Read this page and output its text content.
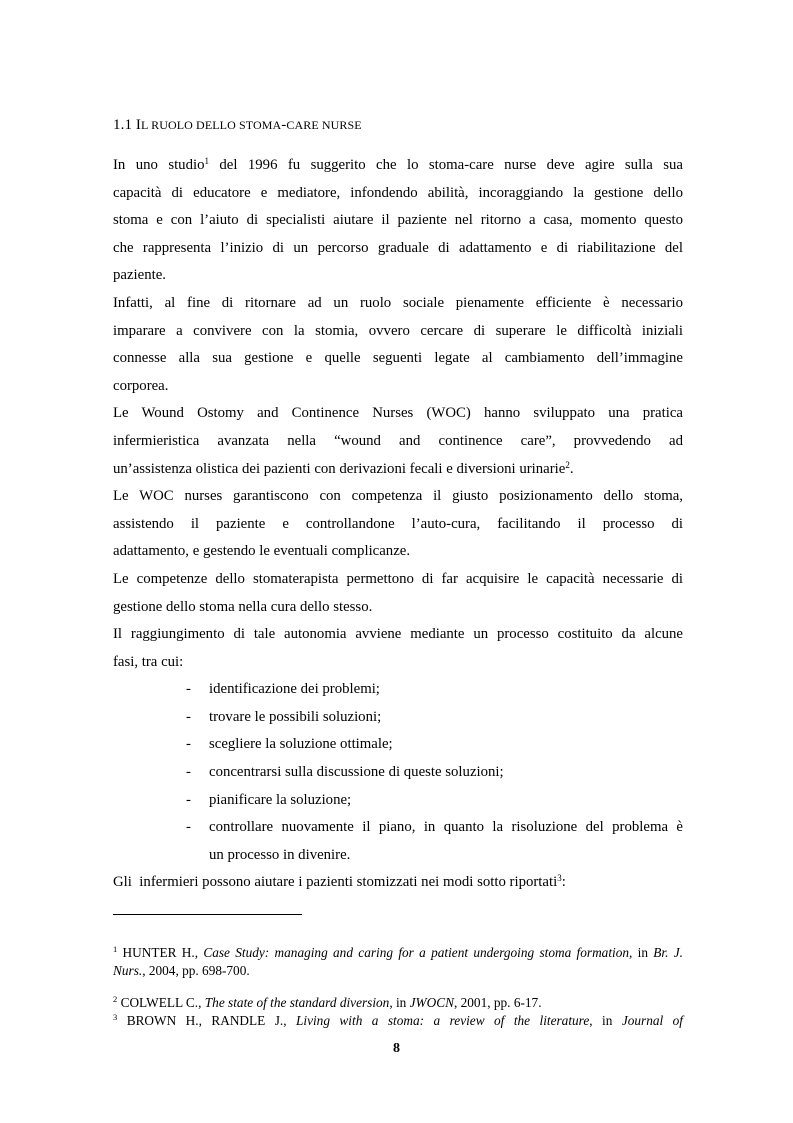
1.1 IL RUOLO DELLO STOMA-CARE NURSE
In uno studio$^1$ del 1996 fu suggerito che lo stoma-care nurse deve agire sulla sua
capacità di educatore e mediatore, infondendo abilità, incoraggiando la gestione dello
stoma e con l’aiuto di specialisti aiutare il paziente nel ritorno a casa, momento questo
che rappresenta l’inizio di un percorso graduale di adattamento e di riabilitazione del
paziente.
Infatti, al fine di ritornare ad un ruolo sociale pienamente efficiente è necessario
imparare a convivere con la stomia, ovvero cercare di superare le difficoltà iniziali
connesse alla sua gestione e quelle seguenti legate al cambiamento dell’immagine
corporea.
Le Wound Ostomy and Continence Nurses (WOC) hanno sviluppato una pratica
infermieristica avanzata nella “wound and continence care”, provvedendo ad
un’assistenza olistica dei pazienti con derivazioni fecali e diversioni urinarie$^2$.
Le WOC nurses garantiscono con competenza il giusto posizionamento dello stoma,
assistendo il paziente e controllandone l’auto-cura, facilitando il processo di
adattamento, e gestendo le eventuali complicanze.
Le competenze dello stomaterapista permettono di far acquisire le capacità necessarie di
gestione dello stoma nella cura dello stesso.
Il raggiungimento di tale autonomia avviene mediante un processo costituito da alcune
fasi, tra cui:
- identificazione dei problemi;
- trovare le possibili soluzioni;
- scegliere la soluzione ottimale;
- concentrarsi sulla discussione di queste soluzioni;
- pianificare la soluzione;
- controllare nuovamente il piano, in quanto la risoluzione del problema è
un processo in divenire.
Gli  infermieri possono aiutare i pazienti stomizzati nei modi sotto riportati$^3$:

$^1$ HUNTER H., Case Study: managing and caring for a patient undergoing stoma formation, in Br. J. Nurs., 2004, pp. 698-700.

$^2$ COLWELL C., The state of the standard diversion, in JWOCN, 2001, pp. 6-17.

$^3$ BROWN H., RANDLE J., Living with a stoma: a review of the literature, in Journal of

8
